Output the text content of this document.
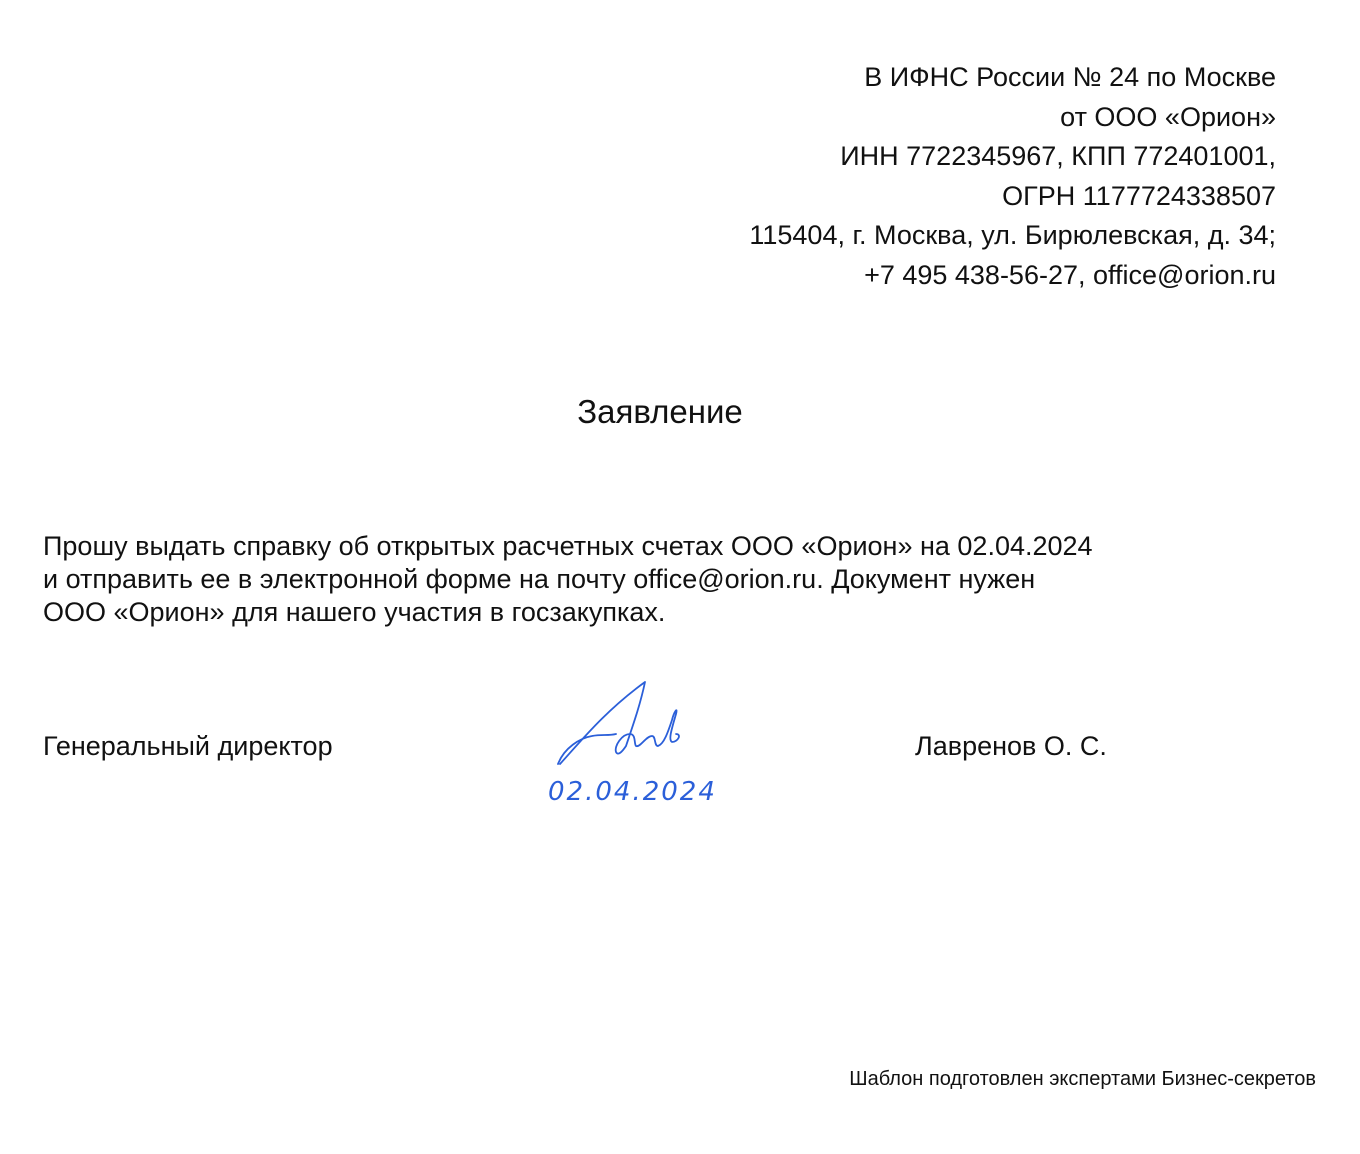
В ИФНС России № 24 по Москве
от ООО «Орион»
ИНН 7722345967, КПП 772401001,
ОГРН 1177724338507
115404, г. Москва, ул. Бирюлевская, д. 34;
+7 495 438-56-27, office@orion.ru
Заявление
Прошу выдать справку об открытых расчетных счетах ООО «Орион» на 02.04.2024
и отправить ее в электронной форме на почту office@orion.ru. Документ нужен
ООО «Орион» для нашего участия в госзакупках.
Генеральный директор
02.04.2024
Лавренов О. С.
Шаблон подготовлен экспертами Бизнес-секретов
